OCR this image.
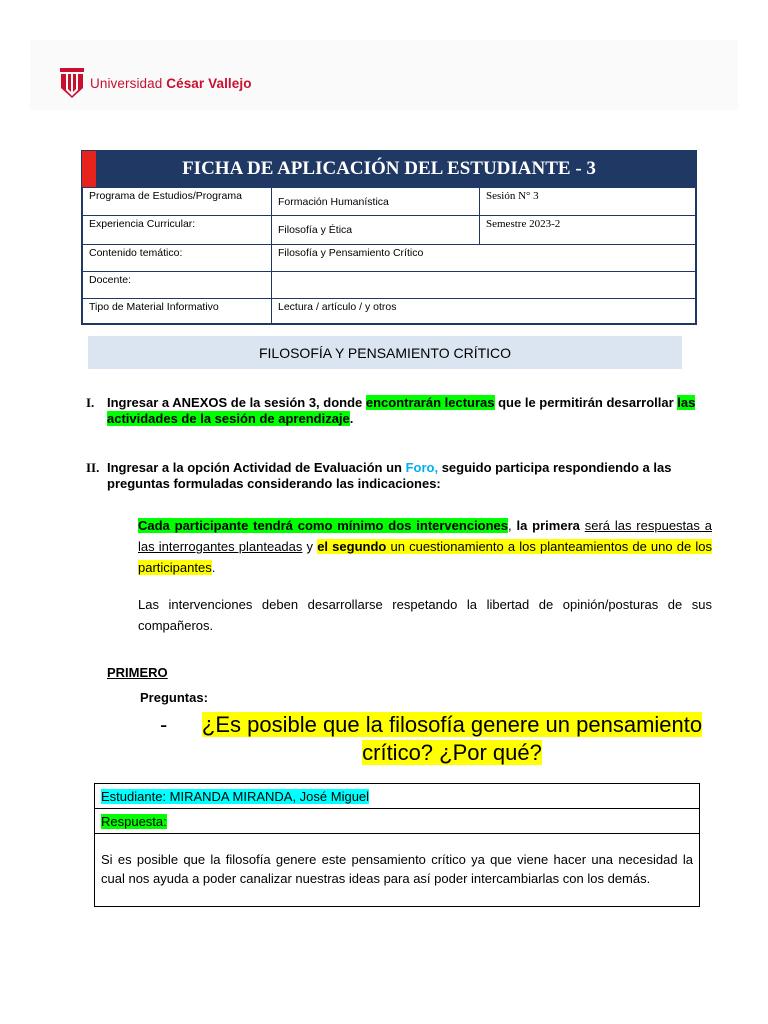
Universidad César Vallejo
FICHA DE APLICACIÓN DEL ESTUDIANTE - 3
Programa de Estudios/Programa	Formación Humanística	Sesión N° 3
Experiencia Curricular:	Filosofía y Ética	Semestre 2023-2
Contenido temático:	Filosofía y Pensamiento Crítico	
Docente:		
Tipo de Material Informativo	Lectura / artículo / y otros	
FILOSOFÍA Y PENSAMIENTO CRÍTICO
I. Ingresar a ANEXOS de la sesión 3, donde encontrarán lecturas que le permitirán desarrollar las actividades de la sesión de aprendizaje.
II. Ingresar a la opción Actividad de Evaluación un Foro, seguido participa respondiendo a las preguntas formuladas considerando las indicaciones:
Cada participante tendrá como mínimo dos intervenciones, la primera será las respuestas a las interrogantes planteadas y el segundo un cuestionamiento a los planteamientos de uno de los participantes.
Las intervenciones deben desarrollarse respetando la libertad de opinión/posturas de sus compañeros.
PRIMERO
Preguntas:
-	¿Es posible que la filosofía genere un pensamiento crítico? ¿Por qué?
Estudiante: MIRANDA MIRANDA, José Miguel
Respuesta:
Si es posible que la filosofía genere este pensamiento crítico ya que viene hacer una necesidad la cual nos ayuda a poder canalizar nuestras ideas para así poder intercambiarlas con los demás.
